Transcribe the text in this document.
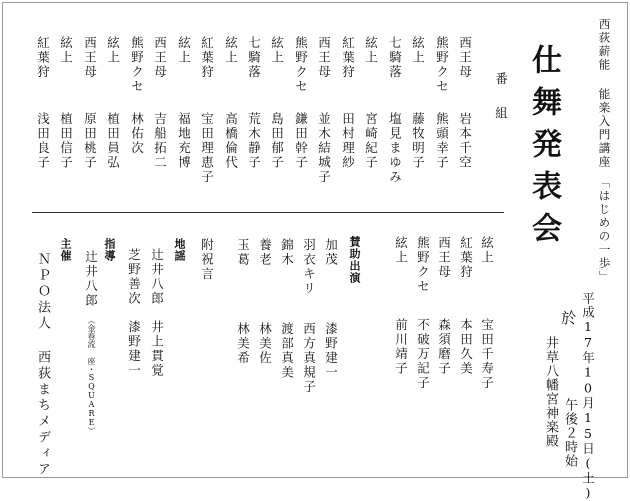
西荻薪能 能楽入門講座
「はじめの一歩」
仕舞発表会
平成17年10月15日(土)
於
午後２時始
井草八幡宮神楽殿
番組
西王母
岩本千空
熊野クセ
熊頭幸子
絃上
藤牧明子
七騎落
塩見まゆみ
絃上
宮崎紀子
紅葉狩
田村理紗
西王母
並木結城子
熊野クセ
鎌田幹子
絃上
島田郁子
七騎落
荒木静子
絃上
高橋倫代
紅葉狩
宝田理恵子
絃上
福地充博
西王母
吉船拓二
熊野クセ
林佑次
絃上
植田員弘
西王母
原田桃子
絃上
植田信子
紅葉狩
浅田良子
絃上
宝田千寿子
紅葉狩
本田久美
西王母
森須磨子
熊野クセ
不破万記子
絃上
前川靖子
賛助出演
加茂
漆野建一
羽衣キリ
西方真規子
錦木
渡部真美
養老
林美佐
玉葛
林美希
附祝言
地謡
辻井八郎
井上貫覚
芝野善次
漆野建一
指導
辻井八郎
（金春流 座・SQUARE）
主催
ＮＰＯ法人 西荻まちメディア
